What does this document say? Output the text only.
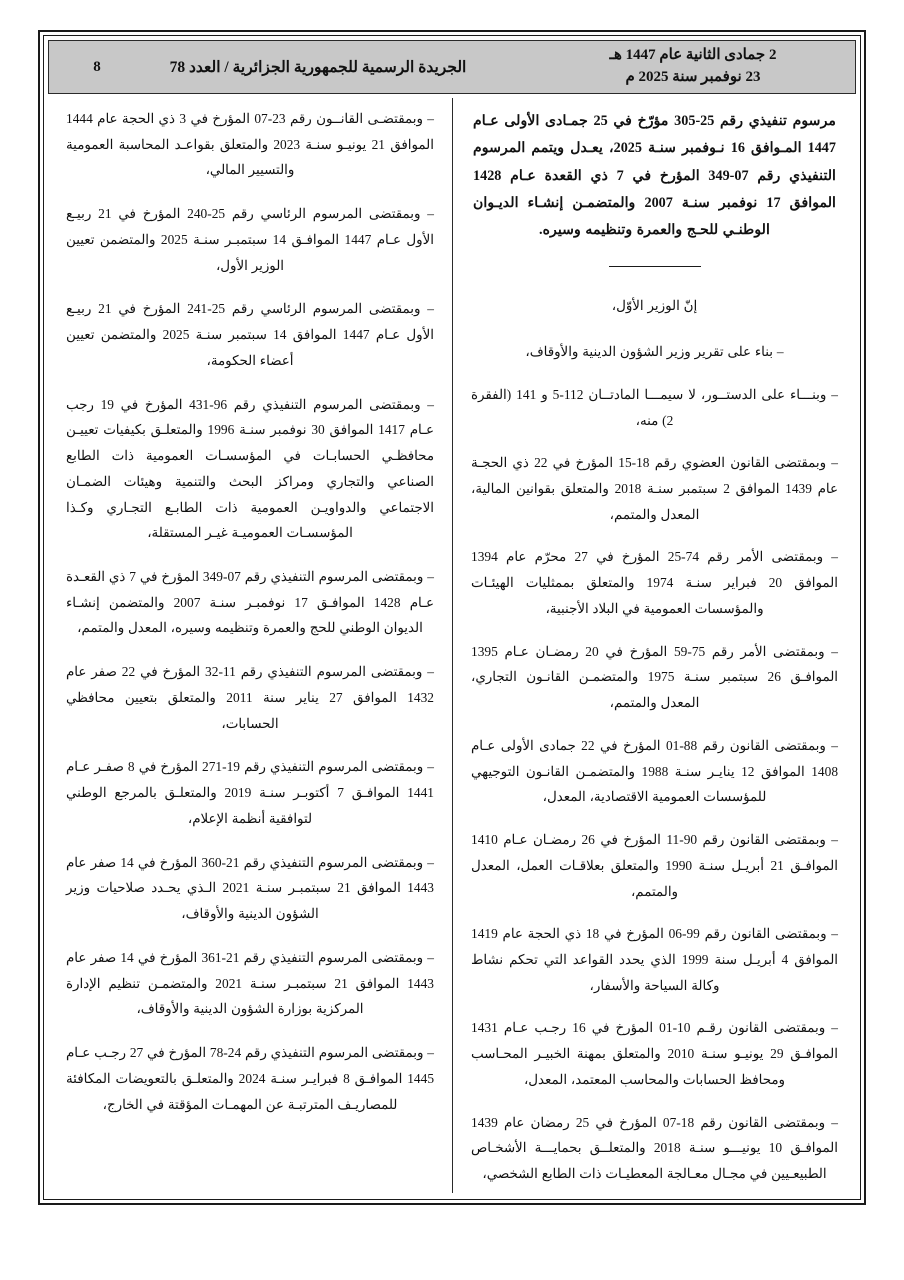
2 جمادى الثانية عام 1447 هـ
23 نوفمبر سنة 2025 م
الجريدة الرسمية للجمهورية الجزائرية / العدد 78
8
مرسوم تنفيذي رقم 25-305 مؤرّخ في 25 جمـادى الأولى عـام 1447 المـوافق 16 نـوفمبر سنـة 2025، يعـدل ويتمم المرسوم التنفيذي رقم 07-349 المؤرخ في 7 ذي القعدة عـام 1428 الموافق 17 نوفمبر سنـة 2007 والمتضمـن إنشـاء الديـوان الوطنـي للحـج والعمرة وتنظيمه وسيره.

إنّ الوزير الأوّل،

– بناء على تقرير وزير الشؤون الدينية والأوقاف،

– وبنـــاء على الدستــور، لا سيمـــا المادتــان 112-5 و 141 (الفقرة 2) منه،

– وبمقتضى القانون العضوي رقم 18-15 المؤرخ في 22 ذي الحجـة عام 1439 الموافق 2 سبتمبر سنـة 2018 والمتعلق بقوانين المالية، المعدل والمتمم،

– وبمقتضى الأمر رقم 74-25 المؤرخ في 27 محرّم عام 1394 الموافق 20 فبراير سنـة 1974 والمتعلق بممثليات الهيئـات والمؤسسات العمومية في البلاد الأجنبية،

– وبمقتضى الأمر رقم 75-59 المؤرخ في 20 رمضـان عـام 1395 الموافـق 26 سبتمبر سنـة 1975 والمتضمـن القانـون التجاري، المعدل والمتمم،

– وبمقتضى القانون رقم 88-01 المؤرخ في 22 جمادى الأولى عـام 1408 الموافق 12 ينايـر سنـة 1988 والمتضمـن القانـون التوجيهي للمؤسسات العمومية الاقتصادية، المعدل،

– وبمقتضى القانون رقم 90-11 المؤرخ في 26 رمضـان عـام 1410 الموافـق 21 أبريـل سنـة 1990 والمتعلق بعلاقـات العمل، المعدل والمتمم،

– وبمقتضى القانون رقم 99-06 المؤرخ في 18 ذي الحجة عام 1419 الموافق 4 أبريـل سنة 1999 الذي يحدد القواعد التي تحكم نشاط وكالة السياحة والأسفار،

– وبمقتضى القانون رقـم 10-01 المؤرخ في 16 رجـب عـام 1431 الموافـق 29 يونيـو سنـة 2010 والمتعلق بمهنة الخبيـر المحـاسب ومحافظ الحسابات والمحاسب المعتمد، المعدل،

– وبمقتضى القانون رقم 18-07 المؤرخ في 25 رمضان عام 1439 الموافـق 10 يونيـــو سنـة 2018 والمتعلــق بحمايـــة الأشخـاص الطبيعـيين في مجـال معـالجة المعطيـات ذات الطابع الشخصي،

– وبمقتضـى القانــون رقم 23-07 المؤرخ في 3 ذي الحجة عام 1444 الموافق 21 يونيـو سنـة 2023 والمتعلق بقواعـد المحاسبة العمومية والتسيير المالي،

– وبمقتضى المرسوم الرئاسي رقم 25-240 المؤرخ في 21 ربيـع الأول عـام 1447 الموافـق 14 سبتمبـر سنـة 2025 والمتضمن تعيين الوزير الأول،

– وبمقتضى المرسوم الرئاسي رقم 25-241 المؤرخ في 21 ربيـع الأول عـام 1447 الموافق 14 سبتمبر سنـة 2025 والمتضمن تعيين أعضاء الحكومة،

– وبمقتضى المرسوم التنفيذي رقم 96-431 المؤرخ في 19 رجب عـام 1417 الموافق 30 نوفمبر سنـة 1996 والمتعلـق بكيفيات تعييـن محافظـي الحسابـات في المؤسسـات العمومية ذات الطابع الصناعي والتجاري ومراكز البحث والتنمية وهيئات الضمـان الاجتماعي والدواويـن العمومية ذات الطابـع التجـاري وكـذا المؤسسـات العموميـة غيـر المستقلة،

– وبمقتضى المرسوم التنفيذي رقم 07-349 المؤرخ في 7 ذي القعـدة عـام 1428 الموافـق 17 نوفمبـر سنـة 2007 والمتضمن إنشـاء الديوان الوطني للحج والعمرة وتنظيمه وسيره، المعدل والمتمم،

– وبمقتضى المرسوم التنفيذي رقم 11-32 المؤرخ في 22 صفر عام 1432 الموافق 27 يناير سنة 2011 والمتعلق بتعيين محافظي الحسابات،

– وبمقتضى المرسوم التنفيذي رقم 19-271 المؤرخ في 8 صفـر عـام 1441 الموافـق 7 أكتوبـر سنـة 2019 والمتعلـق بالمرجع الوطني لتوافقية أنظمة الإعلام،

– وبمقتضى المرسوم التنفيذي رقم 21-360 المؤرخ في 14 صفر عام 1443 الموافق 21 سبتمبـر سنـة 2021 الـذي يحـدد صلاحيات وزير الشؤون الدينية والأوقاف،

– وبمقتضى المرسوم التنفيذي رقم 21-361 المؤرخ في 14 صفر عام 1443 الموافق 21 سبتمبـر سنـة 2021 والمتضمـن تنظيم الإدارة المركزية بوزارة الشؤون الدينية والأوقاف،

– وبمقتضى المرسوم التنفيذي رقم 24-78 المؤرخ في 27 رجـب عـام 1445 الموافـق 8 فبرايـر سنـة 2024 والمتعلـق بالتعويضات المكافئة للمصاريـف المترتبـة عن المهمـات المؤقتة في الخارج،
